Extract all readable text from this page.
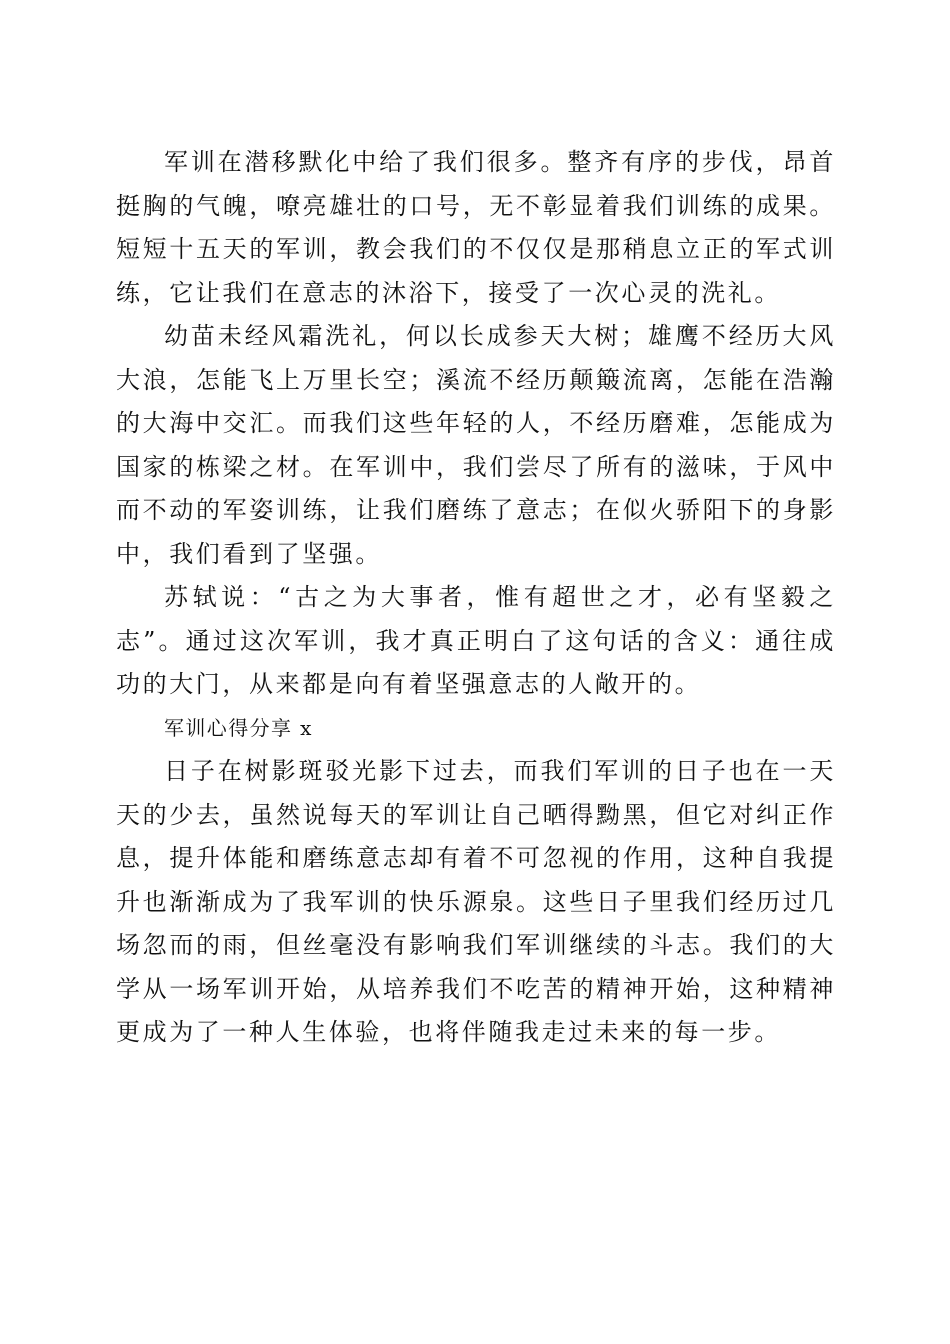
军训在潜移默化中给了我们很多。整齐有序的步伐，昂首挺胸的气魄，嘹亮雄壮的口号，无不彰显着我们训练的成果。短短十五天的军训，教会我们的不仅仅是那稍息立正的军式训练，它让我们在意志的沐浴下，接受了一次心灵的洗礼。

幼苗未经风霜洗礼，何以长成参天大树；雄鹰不经历大风大浪，怎能飞上万里长空；溪流不经历颠簸流离，怎能在浩瀚的大海中交汇。而我们这些年轻的人，不经历磨难，怎能成为国家的栋梁之材。在军训中，我们尝尽了所有的滋味，于风中而不动的军姿训练，让我们磨练了意志；在似火骄阳下的身影中，我们看到了坚强。

苏轼说：“古之为大事者，惟有超世之才，必有坚毅之志”。通过这次军训，我才真正明白了这句话的含义：通往成功的大门，从来都是向有着坚强意志的人敞开的。

军训心得分享 x

日子在树影斑驳光影下过去，而我们军训的日子也在一天天的少去，虽然说每天的军训让自己晒得黝黑，但它对纠正作息，提升体能和磨练意志却有着不可忽视的作用，这种自我提升也渐渐成为了我军训的快乐源泉。这些日子里我们经历过几场忽而的雨，但丝毫没有影响我们军训继续的斗志。我们的大学从一场军训开始，从培养我们不吃苦的精神开始，这种精神更成为了一种人生体验，也将伴随我走过未来的每一步。
